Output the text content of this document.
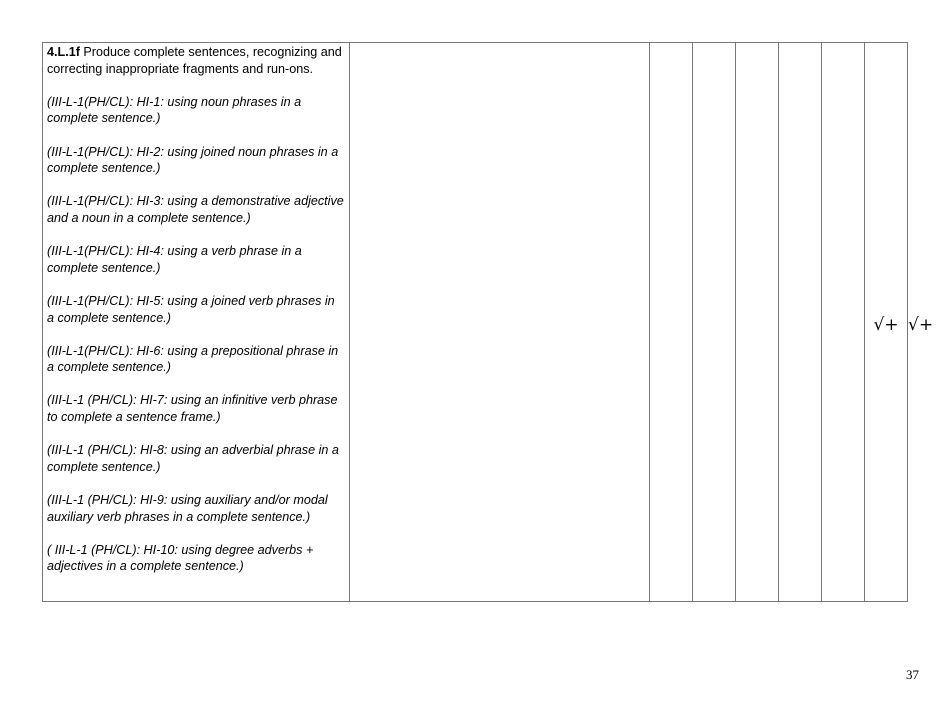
4.L.1f Produce complete sentences, recognizing and correcting inappropriate fragments and run-ons.
(III-L-1(PH/CL): HI-1: using noun phrases in a complete sentence.)
(III-L-1(PH/CL): HI-2: using joined noun phrases in a complete sentence.)
(III-L-1(PH/CL): HI-3: using a demonstrative adjective and a noun in a complete sentence.)
(III-L-1(PH/CL): HI-4: using a verb phrase in a complete sentence.)
(III-L-1(PH/CL): HI-5: using a joined verb phrases in a complete sentence.)
(III-L-1(PH/CL): HI-6: using a prepositional phrase in a complete sentence.)
(III-L-1 (PH/CL): HI-7: using an infinitive verb phrase to complete a sentence frame.)
(III-L-1 (PH/CL): HI-8: using an adverbial phrase in a complete sentence.)
(III-L-1 (PH/CL): HI-9: using auxiliary and/or modal auxiliary verb phrases in a complete sentence.)
( III-L-1 (PH/CL): HI-10: using degree adverbs + adjectives in a complete sentence.)
							√+	√+
37
